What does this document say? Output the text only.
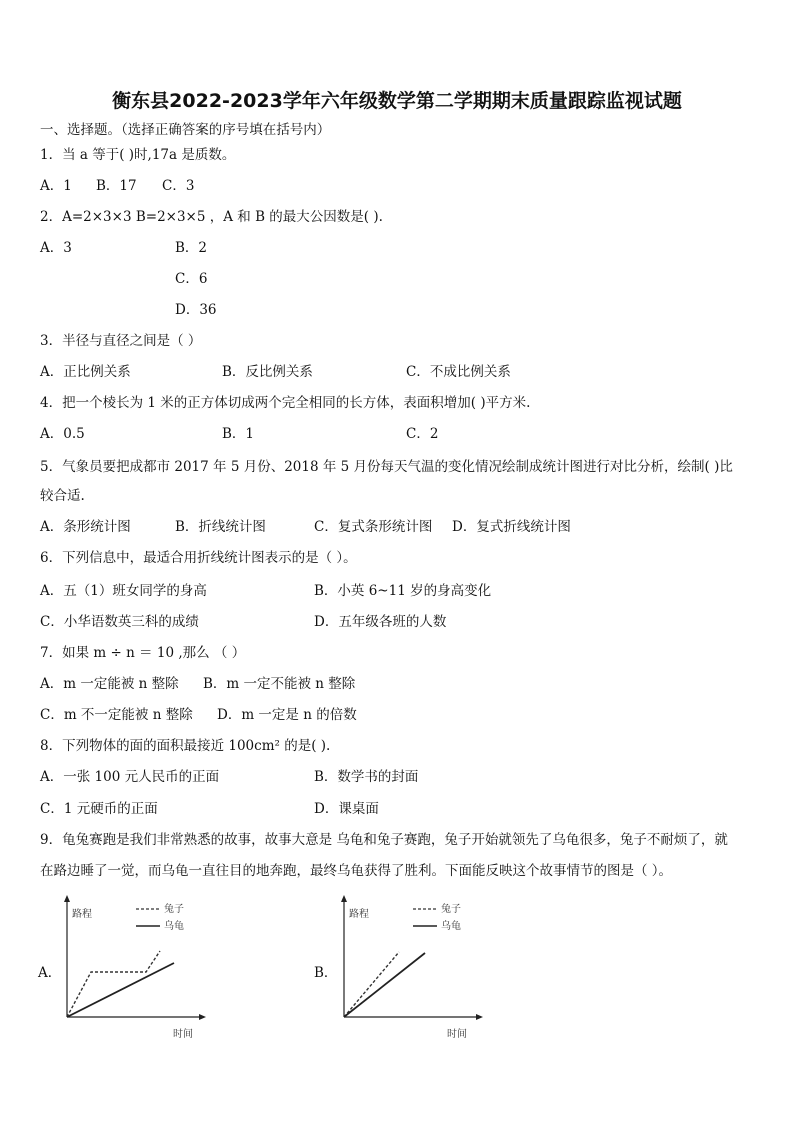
衡东县2022-2023学年六年级数学第二学期期末质量跟踪监视试题
一、选择题。（选择正确答案的序号填在括号内）
1．当 a 等于( )时,17a 是质数。
A．1 B．17 C．3
2．A=2×3×3 B=2×3×5 ，A 和 B 的最大公因数是( ).
A．3	B．2
C．6
D．36
3．半径与直径之间是（ ）
A．正比例关系	B．反比例关系	C．不成比例关系
4．把一个棱长为 1 米的正方体切成两个完全相同的长方体，表面积增加( )平方米.
A．0.5	B．1	C．2
5．气象员要把成都市 2017 年 5 月份、2018 年 5 月份每天气温的变化情况绘制成统计图进行对比分析，绘制( )比
较合适.
A．条形统计图	B．折线统计图	C．复式条形统计图 D．复式折线统计图
6．下列信息中，最适合用折线统计图表示的是（ ）。
A．五（1）班女同学的身高	B．小英 6~11 岁的身高变化
C．小华语数英三科的成绩	D．五年级各班的人数
7．如果 m ÷ n ＝ 10 ,那么 （ ）
A．m 一定能被 n 整除 B．m 一定不能被 n 整除
C．m 不一定能被 n 整除 D．m 一定是 n 的倍数
8．下列物体的面的面积最接近 100cm² 的是( ).
A．一张 100 元人民币的正面	B．数学书的封面
C．1 元硬币的正面	D．课桌面
9．龟兔赛跑是我们非常熟悉的故事，故事大意是 乌龟和兔子赛跑，兔子开始就领先了乌龟很多，兔子不耐烦了，就
在路边睡了一觉，而乌龟一直往目的地奔跑，最终乌龟获得了胜利。下面能反映这个故事情节的图是（ ）。
A．
路程	兔子
乌龟
时间
B．
路程	兔子
乌龟
时间
